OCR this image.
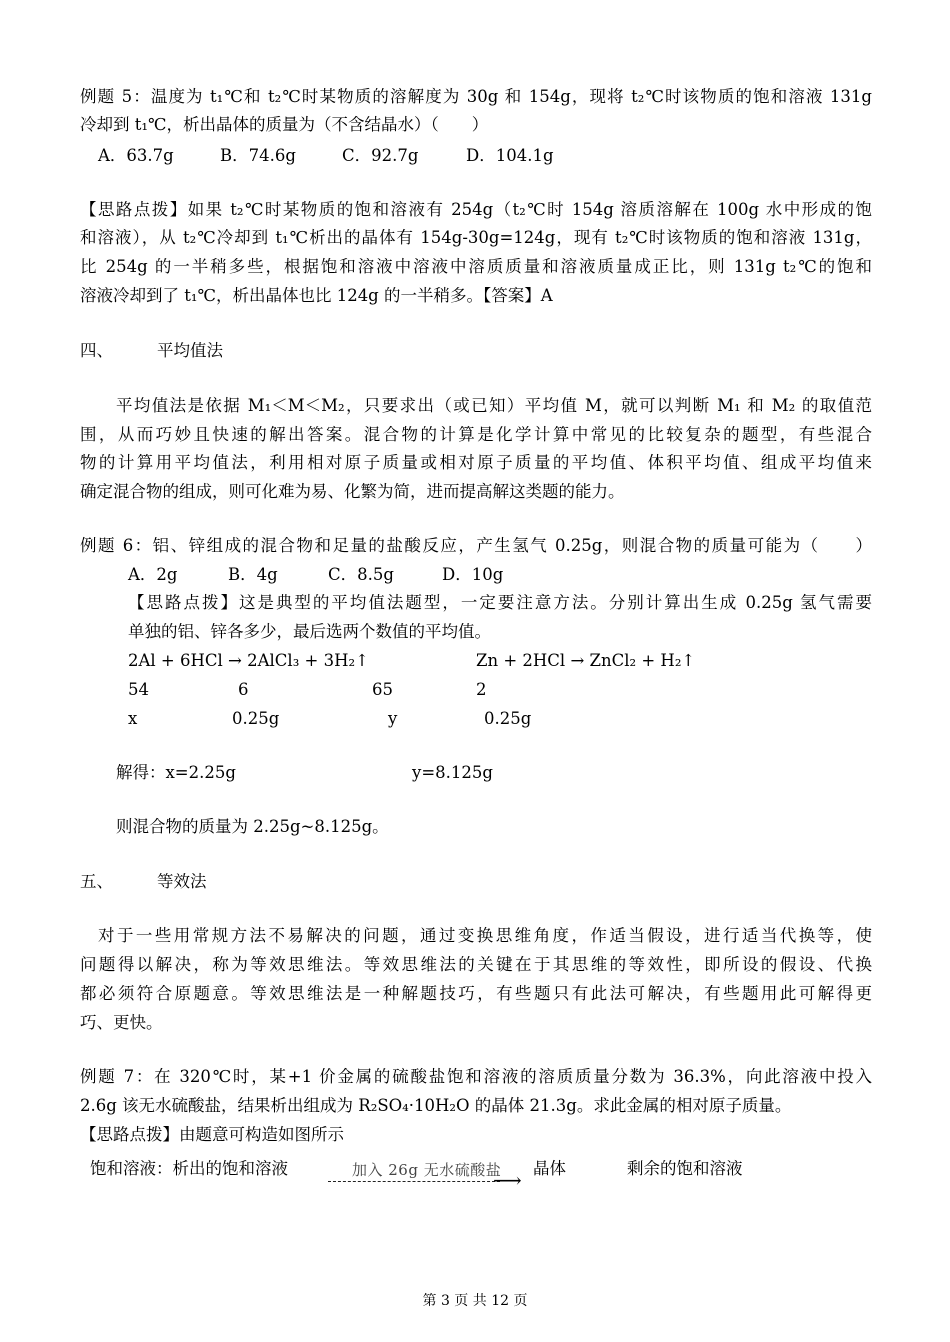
例题 5：温度为 t₁℃和 t₂℃时某物质的溶解度为 30g 和 154g，现将 t₂℃时该物质的饱和溶液 131g
冷却到 t₁℃，析出晶体的质量为（不含结晶水）（　　）
A．63.7g	B．74.6g	C．92.7g	D．104.1g
【思路点拨】如果 t₂℃时某物质的饱和溶液有 254g（t₂℃时 154g 溶质溶解在 100g 水中形成的饱
和溶液），从 t₂℃冷却到 t₁℃析出的晶体有 154g-30g=124g，现有 t₂℃时该物质的饱和溶液 131g，
比 254g 的一半稍多些，根据饱和溶液中溶液中溶质质量和溶液质量成正比，则 131g t₂℃的饱和
溶液冷却到了 t₁℃，析出晶体也比 124g 的一半稍多。【答案】A
四、	平均值法
平均值法是依据 M₁＜M＜M₂，只要求出（或已知）平均值 M，就可以判断 M₁ 和 M₂ 的取值范
围，从而巧妙且快速的解出答案。混合物的计算是化学计算中常见的比较复杂的题型，有些混合
物的计算用平均值法，利用相对原子质量或相对原子质量的平均值、体积平均值、组成平均值来
确定混合物的组成，则可化难为易、化繁为简，进而提高解这类题的能力。
例题 6：铝、锌组成的混合物和足量的盐酸反应，产生氢气 0.25g，则混合物的质量可能为（　　）
A．2g	B．4g	C．8.5g	D．10g
【思路点拨】这是典型的平均值法题型，一定要注意方法。分别计算出生成 0.25g 氢气需要
单独的铝、锌各多少，最后选两个数值的平均值。
2Al + 6HCl → 2AlCl₃ + 3H₂↑	Zn + 2HCl → ZnCl₂ + H₂↑
54	6	65	2
x	0.25g	y	0.25g
解得：x=2.25g	y=8.125g
则混合物的质量为 2.25g~8.125g。
五、	等效法
对于一些用常规方法不易解决的问题，通过变换思维角度，作适当假设，进行适当代换等，使
问题得以解决，称为等效思维法。等效思维法的关键在于其思维的等效性，即所设的假设、代换
都必须符合原题意。等效思维法是一种解题技巧，有些题只有此法可解决，有些题用此可解得更
巧、更快。
例题 7：在 320℃时，某+1 价金属的硫酸盐饱和溶液的溶质质量分数为 36.3%，向此溶液中投入
2.6g 该无水硫酸盐，结果析出组成为 R₂SO₄·10H₂O 的晶体 21.3g。求此金属的相对原子质量。
【思路点拨】由题意可构造如图所示
饱和溶液：析出的饱和溶液	加入 26g 无水硫酸盐
⟶ 晶体	剩余的饱和溶液
第 3 页 共 12 页
